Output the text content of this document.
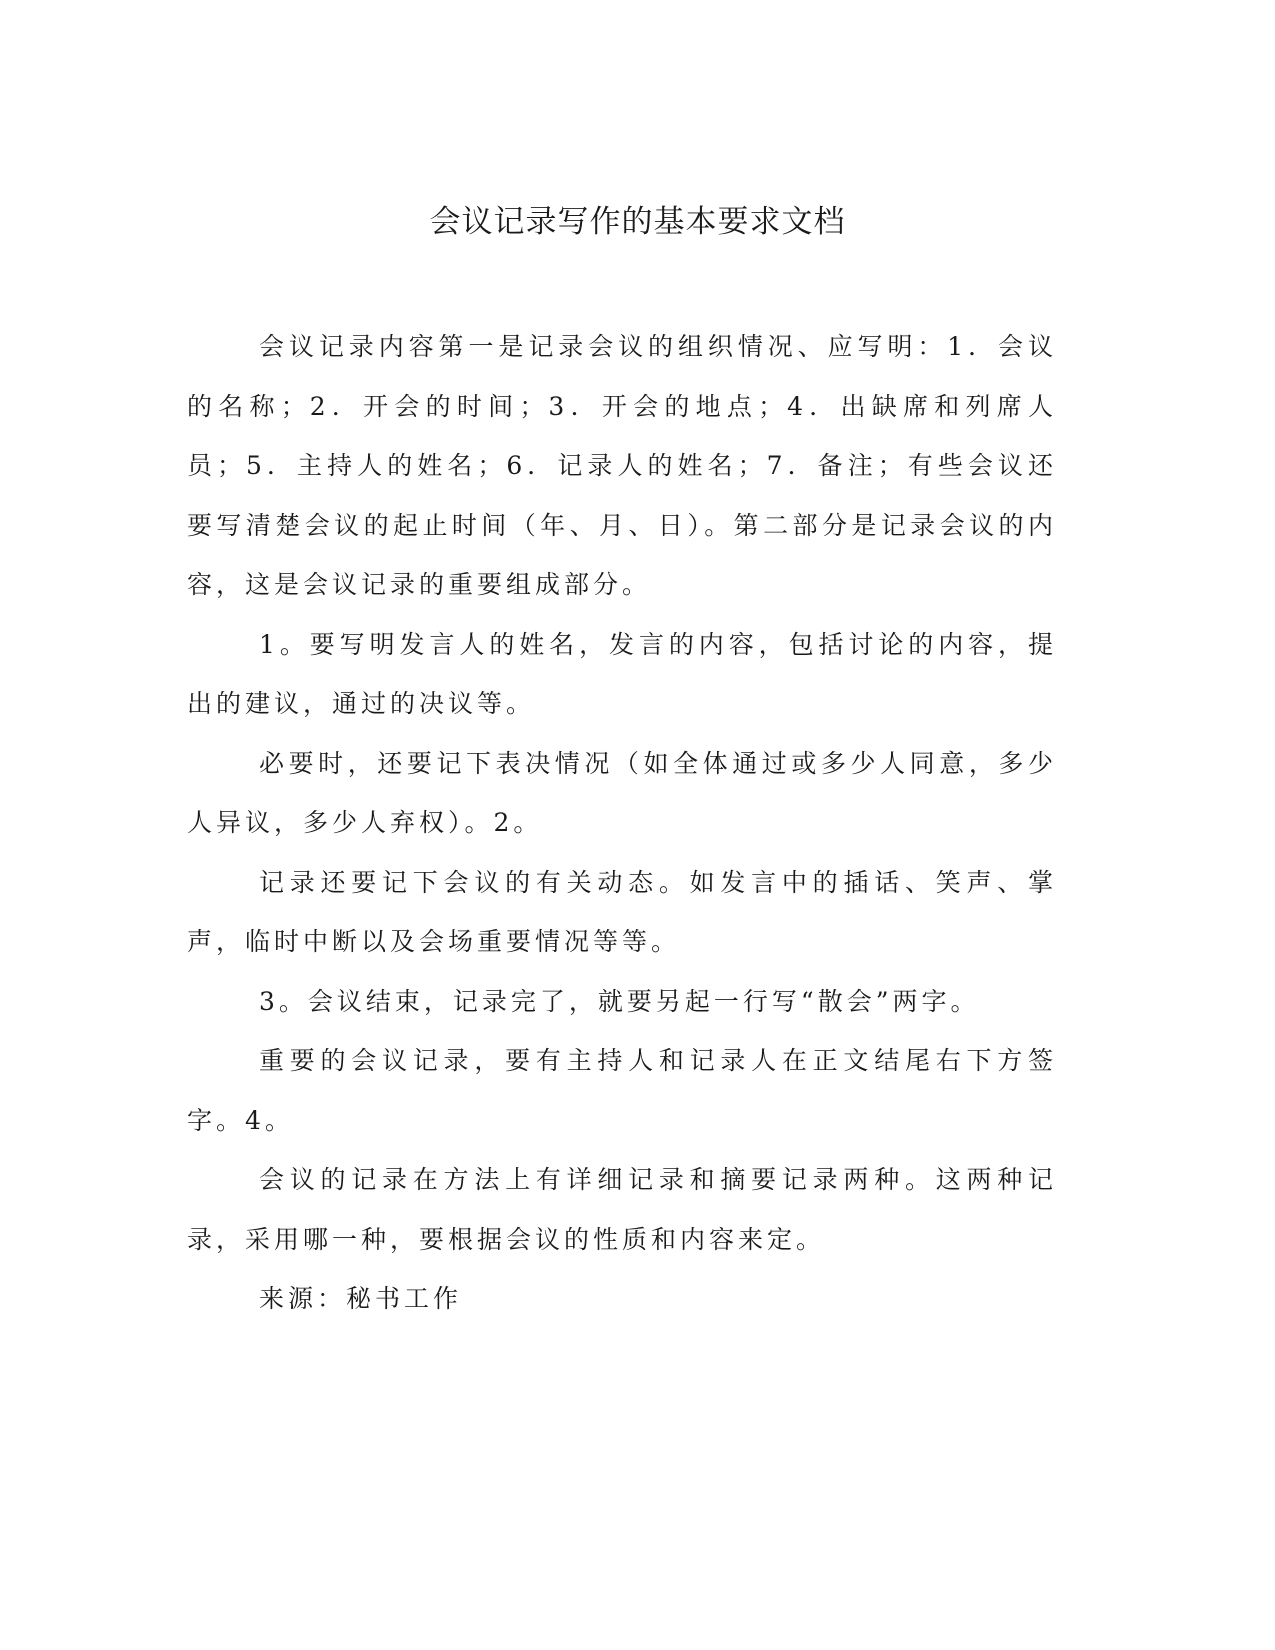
会议记录写作的基本要求文档

会议记录内容第一是记录会议的组织情况、应写明：1．会议的名称；2．开会的时间；3．开会的地点；4．出缺席和列席人员；5．主持人的姓名；6．记录人的姓名；7．备注；有些会议还要写清楚会议的起止时间（年、月、日）。第二部分是记录会议的内容，这是会议记录的重要组成部分。

1。要写明发言人的姓名，发言的内容，包括讨论的内容，提出的建议，通过的决议等。

必要时，还要记下表决情况（如全体通过或多少人同意，多少人异议，多少人弃权）。2。

记录还要记下会议的有关动态。如发言中的插话、笑声、掌声，临时中断以及会场重要情况等等。

3。会议结束，记录完了，就要另起一行写“散会”两字。

重要的会议记录，要有主持人和记录人在正文结尾右下方签字。4。

会议的记录在方法上有详细记录和摘要记录两种。这两种记录，采用哪一种，要根据会议的性质和内容来定。

来源：秘书工作
